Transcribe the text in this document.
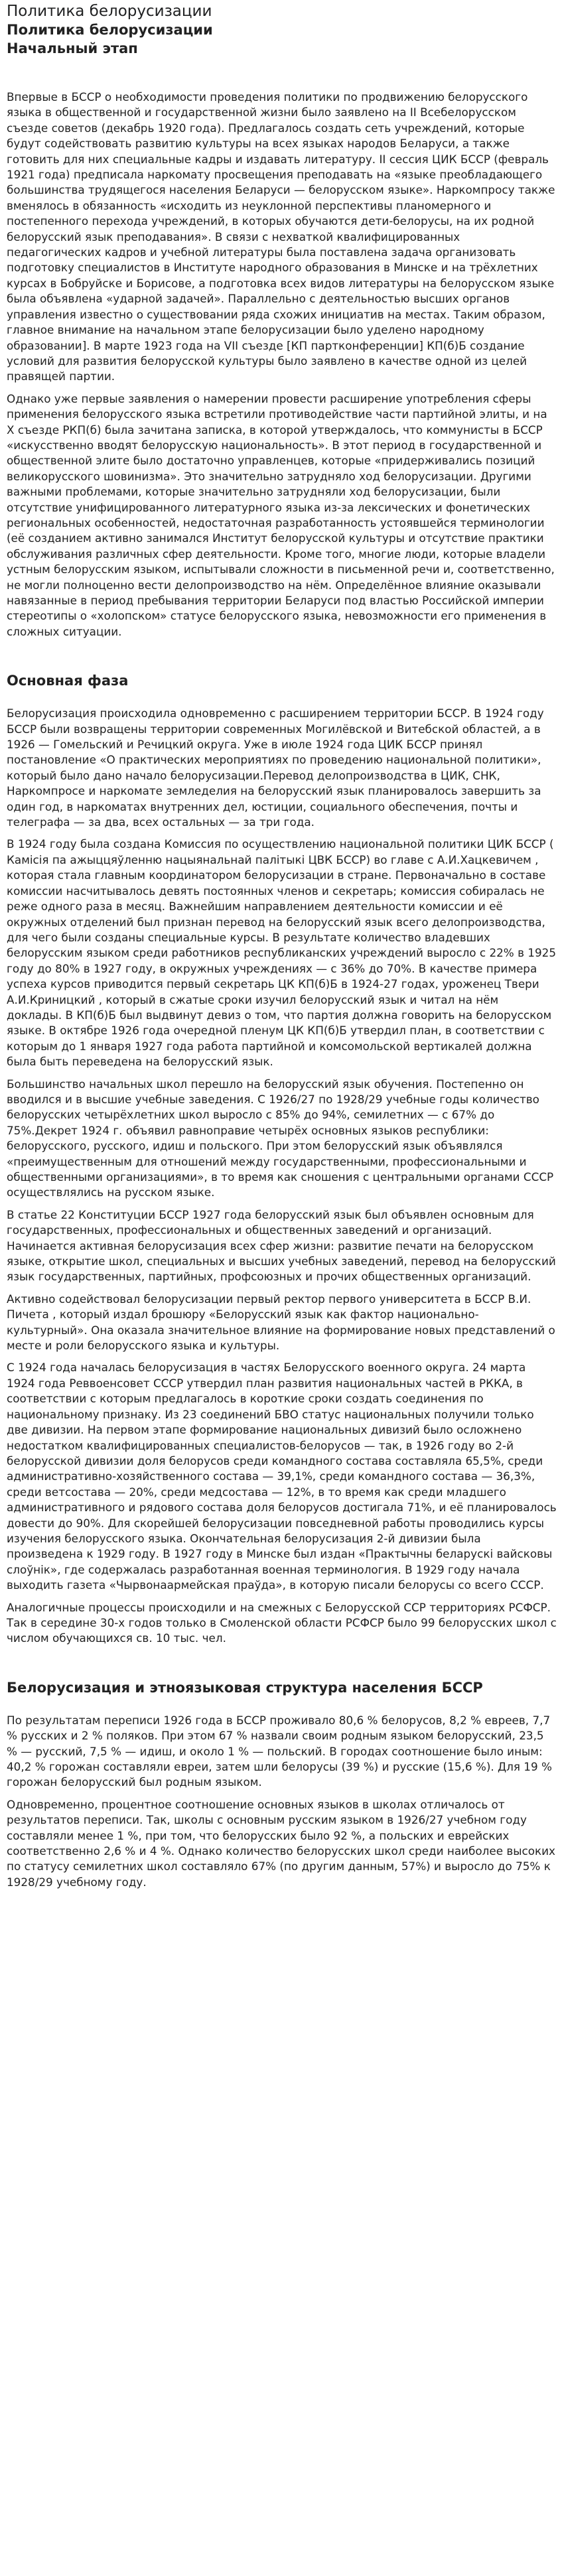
Политика белорусизации
Политика белорусизации
Начальный этап

Впервые в БССР о необходимости проведения политики по продвижению белорусского языка в общественной и государственной жизни было заявлено на II Всебелорусском съезде советов (декабрь 1920 года). Предлагалось создать сеть учреждений, которые будут содействовать развитию культуры на всех языках народов Беларуси, а также готовить для них специальные кадры и издавать литературу. II сессия ЦИК БССР (февраль 1921 года) предписала наркомату просвещения преподавать на «языке преобладающего большинства трудящегося населения Беларуси — белорусском языке». Наркомпросу также вменялось в обязанность «исходить из неуклонной перспективы планомерного и постепенного перехода учреждений, в которых обучаются дети-белорусы, на их родной белорусский язык преподавания». В связи с нехваткой квалифицированных педагогических кадров и учебной литературы была поставлена задача организовать подготовку специалистов в Институте народного образования в Минске и на трёхлетних курсах в Бобруйске и Борисове, а подготовка всех видов литературы на белорусском языке была объявлена «ударной задачей». Параллельно с деятельностью высших органов управления известно о существовании ряда схожих инициатив на местах. Таким образом, главное внимание на начальном этапе белорусизации было уделено народному образовании]. В марте 1923 года на VII съезде [КП партконференции] КП(б)Б создание условий для развития белорусской культуры было заявлено в качестве одной из целей правящей партии.

Однако уже первые заявления о намерении провести расширение употребления сферы применения белорусского языка встретили противодействие части партийной элиты, и на X съезде РКП(б) была зачитана записка, в которой утверждалось, что коммунисты в БССР «искусственно вводят белорусскую национальность». В этот период в государственной и общественной элите было достаточно управленцев, которые «придерживались позиций великорусского шовинизма». Это значительно затрудняло ход белорусизации. Другими важными проблемами, которые значительно затрудняли ход белорусизации, были отсутствие унифицированного литературного языка из-за лексических и фонетических региональных особенностей, недостаточная разработанность устоявшейся терминологии (её созданием активно занимался Институт белорусской культуры и отсутствие практики обслуживания различных сфер деятельности. Кроме того, многие люди, которые владели устным белорусским языком, испытывали сложности в письменной речи и, соответственно, не могли полноценно вести делопроизводство на нём. Определённое влияние оказывали навязанные в период пребывания территории Беларуси под властью Российской империи стереотипы о «холопском» статусе белорусского языка, невозможности его применения в сложных ситуации.

Основная фаза

Белорусизация происходила одновременно с расширением территории БССР. В 1924 году БССР были возвращены территории современных Могилёвской и Витебской областей, а в 1926 — Гомельский и Речицкий округа. Уже в июле 1924 года ЦИК БССР принял постановление «О практических мероприятиях по проведению национальной политики», который было дано начало белорусизации.Перевод делопроизводства в ЦИК, СНК, Наркомпросе и наркомате земледелия на белорусский язык планировалось завершить за один год, в наркоматах внутренних дел, юстиции, социального обеспечения, почты и телеграфа — за два, всех остальных — за три года.

В 1924 году была создана Комиссия по осуществлению национальной политики ЦИК БССР ( Камісія па ажыццяўленню нацыянальнай палітыкі ЦВК БССР) во главе с А.И.Хацкевичем , которая стала главным координатором белорусизации в стране. Первоначально в составе комиссии насчитывалось девять постоянных членов и секретарь; комиссия собиралась не реже одного раза в месяц. Важнейшим направлением деятельности комиссии и её окружных отделений был признан перевод на белорусский язык всего делопроизводства, для чего были созданы специальные курсы. В результате количество владевших белорусским языком среди работников республиканских учреждений выросло с 22% в 1925 году до 80% в 1927 году, в окружных учреждениях — с 36% до 70%. В качестве примера успеха курсов приводится первый секретарь ЦК КП(б)Б в 1924-27 годах, уроженец Твери А.И.Криницкий , который в сжатые сроки изучил белорусский язык и читал на нём доклады. В КП(б)Б был выдвинут девиз о том, что партия должна говорить на белорусском языке. В октябре 1926 года очередной пленум ЦК КП(б)Б утвердил план, в соответствии с которым до 1 января 1927 года работа партийной и комсомольской вертикалей должна была быть переведена на белорусский язык.

Большинство начальных школ перешло на белорусский язык обучения. Постепенно он вводился и в высшие учебные заведения. С 1926/27 по 1928/29 учебные годы количество белорусских четырёхлетних школ выросло с 85% до 94%, семилетних — с 67% до 75%.Декрет 1924 г. объявил равноправие четырёх основных языков республики: белорусского, русского, идиш и польского. При этом белорусский язык объявлялся «преимущественным для отношений между государственными, профессиональными и общественными организациями», в то время как сношения с центральными органами СССР осуществлялись на русском языке.

В статье 22 Конституции БССР 1927 года белорусский язык был объявлен основным для государственных, профессиональных и общественных заведений и организаций. Начинается активная белорусизация всех сфер жизни: развитие печати на белорусском языке, открытие школ, специальных и высших учебных заведений, перевод на белорусский язык государственных, партийных, профсоюзных и прочих общественных организаций.

Активно содействовал белорусизации первый ректор первого университета в БССР В.И. Пичета , который издал брошюру «Белорусский язык как фактор национально-культурный». Она оказала значительное влияние на формирование новых представлений о месте и роли белорусского языка и культуры.

С 1924 года началась белорусизация в частях Белорусского военного округа. 24 марта 1924 года Реввоенсовет СССР утвердил план развития национальных частей в РККА, в соответствии с которым предлагалось в короткие сроки создать соединения по национальному признаку. Из 23 соединений БВО статус национальных получили только две дивизии. На первом этапе формирование национальных дивизий было осложнено недостатком квалифицированных специалистов-белорусов — так, в 1926 году во 2-й белорусской дивизии доля белорусов среди командного состава составляла 65,5%, среди административно-хозяйственного состава — 39,1%, среди командного состава — 36,3%, среди ветсостава — 20%, среди медсостава — 12%, в то время как среди младшего административного и рядового состава доля белорусов достигала 71%, и её планировалось довести до 90%. Для скорейшей белорусизации повседневной работы проводились курсы изучения белорусского языка. Окончательная белорусизация 2-й дивизии была произведена к 1929 году. В 1927 году в Минске был издан «Практычны беларускі вайсковы слоўнік», где содержалась разработанная военная терминология. В 1929 году начала выходить газета «Чырвонаармейская праўда», в которую писали белорусы со всего СССР.

Аналогичные процессы происходили и на смежных с Белорусской ССР территориях РСФСР. Так в середине 30-х годов только в Смоленской области РСФСР было 99 белорусских школ с числом обучающихся св. 10 тыс. чел.

Белорусизация и этноязыковая структура населения БССР

По результатам переписи 1926 года в БССР проживало 80,6 % белорусов, 8,2 % евреев, 7,7 % русских и 2 % поляков. При этом 67 % назвали своим родным языком белорусский, 23,5 % — русский, 7,5 % — идиш, и около 1 % — польский. В городах соотношение было иным: 40,2 % горожан составляли евреи, затем шли белорусы (39 %) и русские (15,6 %). Для 19 % горожан белорусский был родным языком.

Одновременно, процентное соотношение основных языков в школах отличалось от результатов переписи. Так, школы с основным русским языком в 1926/27 учебном году составляли менее 1 %, при том, что белорусских было 92 %, а польских и еврейских соответственно 2,6 % и 4 %. Однако количество белорусских школ среди наиболее высоких по статусу семилетних школ составляло 67% (по другим данным, 57%) и выросло до 75% к 1928/29 учебному году.
